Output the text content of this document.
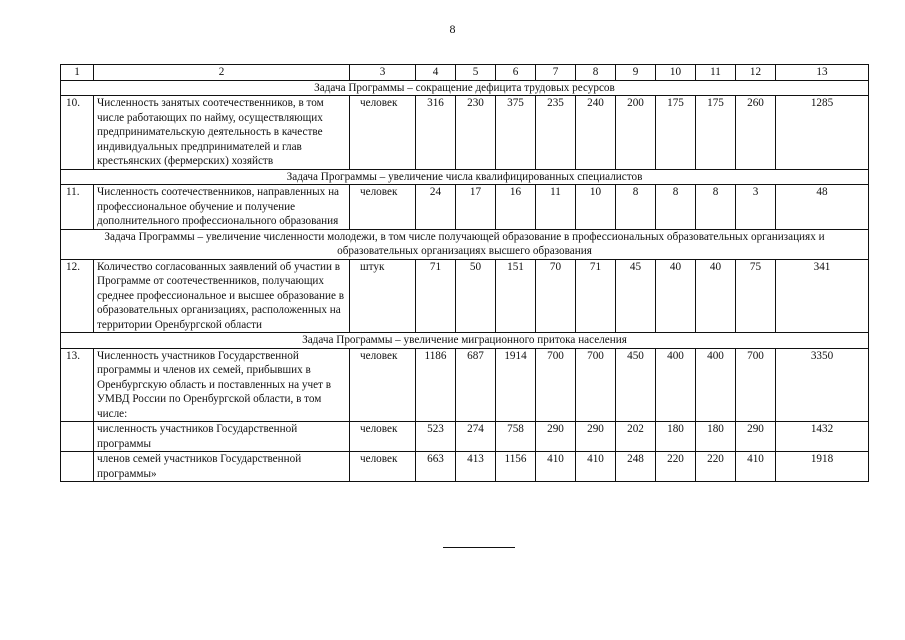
8
1	2	3	4	5	6	7	8	9	10	11	12	13
Задача Программы – сокращение дефицита трудовых ресурсов												
10.	Численность занятых соотечественников, в том числе работающих по найму, осуществляющих предпринимательскую деятельность в качестве индивидуальных предпринимателей и глав крестьянских (фермерских) хозяйств	человек	316	230	375	235	240	200	175	175	260	1285
Задача Программы – увеличение числа квалифицированных специалистов												
11.	Численность соотечественников, направленных на профессиональное обучение и получение дополнительного профессионального образования	человек	24	17	16	11	10	8	8	8	3	48
Задача Программы – увеличение численности молодежи, в том числе получающей образование в профессиональных образовательных организациях и образовательных организациях высшего образования												
12.	Количество согласованных заявлений об участии в Программе от соотечественников, получающих среднее профессиональное и высшее образование в образовательных организациях, расположенных на территории Оренбургской области	штук	71	50	151	70	71	45	40	40	75	341
Задача Программы – увеличение миграционного притока населения												
13.	Численность участников Государственной программы и членов их семей, прибывших в Оренбургскую область и поставленных на учет в УМВД России по Оренбургской области, в том числе:	человек	1186	687	1914	700	700	450	400	400	700	3350
	численность участников Государственной программы	человек	523	274	758	290	290	202	180	180	290	1432
	членов семей участников Государственной программы»	человек	663	413	1156	410	410	248	220	220	410	1918
